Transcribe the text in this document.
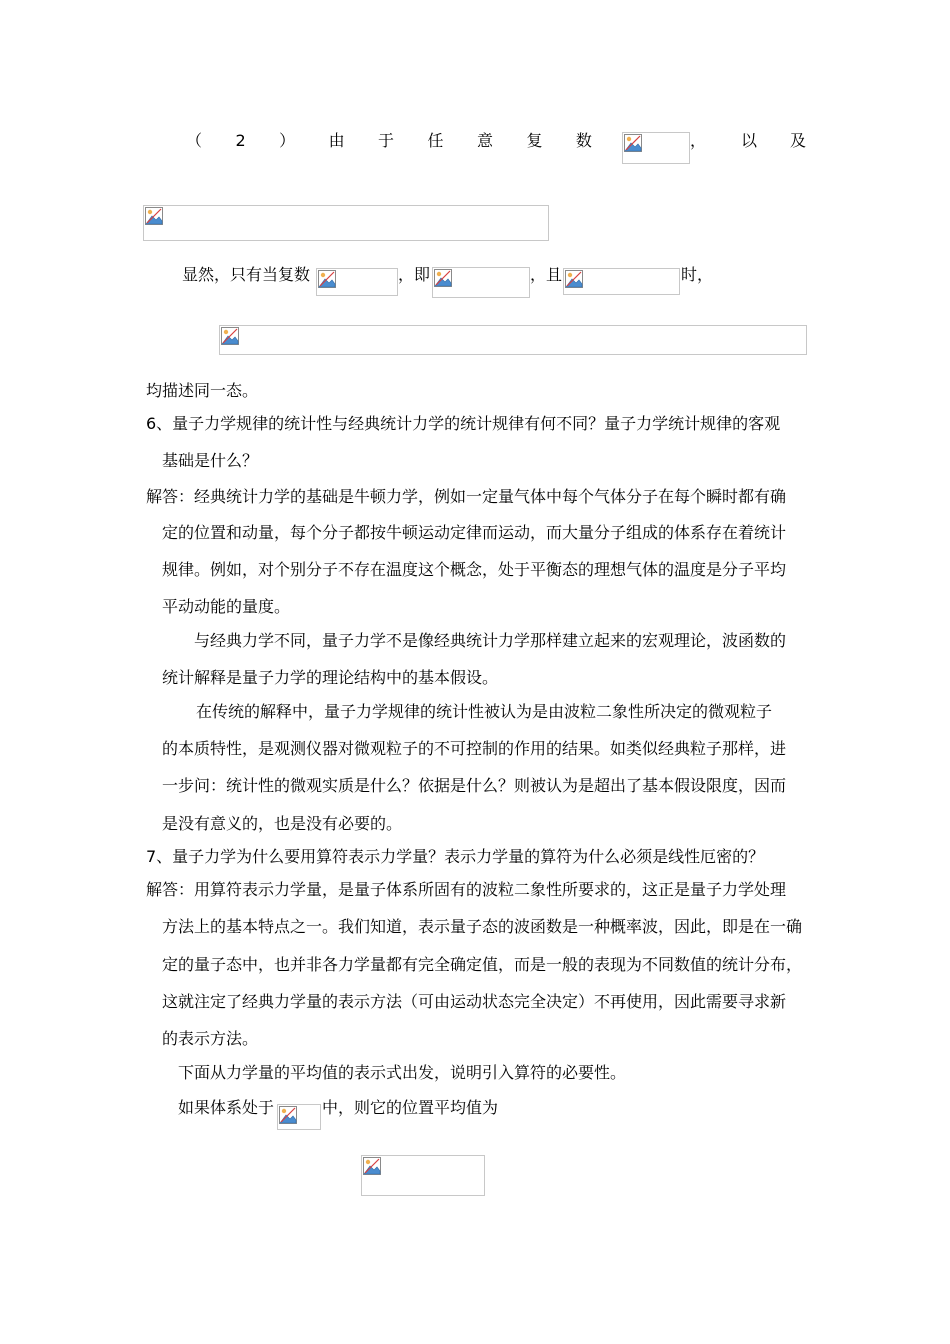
（ 2 ） 由 于 任 意 复 数	， 以 及
显然，只有当复数	，即	，且	时，
均描述同一态。
6、量子力学规律的统计性与经典统计力学的统计规律有何不同？量子力学统计规律的客观
基础是什么？
解答：经典统计力学的基础是牛顿力学，例如一定量气体中每个气体分子在每个瞬时都有确
定的位置和动量，每个分子都按牛顿运动定律而运动，而大量分子组成的体系存在着统计
规律。例如，对个别分子不存在温度这个概念，处于平衡态的理想气体的温度是分子平均
平动动能的量度。
与经典力学不同，量子力学不是像经典统计力学那样建立起来的宏观理论，波函数的
统计解释是量子力学的理论结构中的基本假设。
在传统的解释中，量子力学规律的统计性被认为是由波粒二象性所决定的微观粒子
的本质特性，是观测仪器对微观粒子的不可控制的作用的结果。如类似经典粒子那样，进
一步问：统计性的微观实质是什么？依据是什么？则被认为是超出了基本假设限度，因而
是没有意义的，也是没有必要的。
7、量子力学为什么要用算符表示力学量？表示力学量的算符为什么必须是线性厄密的？
解答：用算符表示力学量，是量子体系所固有的波粒二象性所要求的，这正是量子力学处理
方法上的基本特点之一。我们知道，表示量子态的波函数是一种概率波，因此，即是在一确
定的量子态中，也并非各力学量都有完全确定值，而是一般的表现为不同数值的统计分布，
这就注定了经典力学量的表示方法（可由运动状态完全决定）不再使用，因此需要寻求新
的表示方法。
下面从力学量的平均值的表示式出发，说明引入算符的必要性。
如果体系处于	中，则它的位置平均值为
